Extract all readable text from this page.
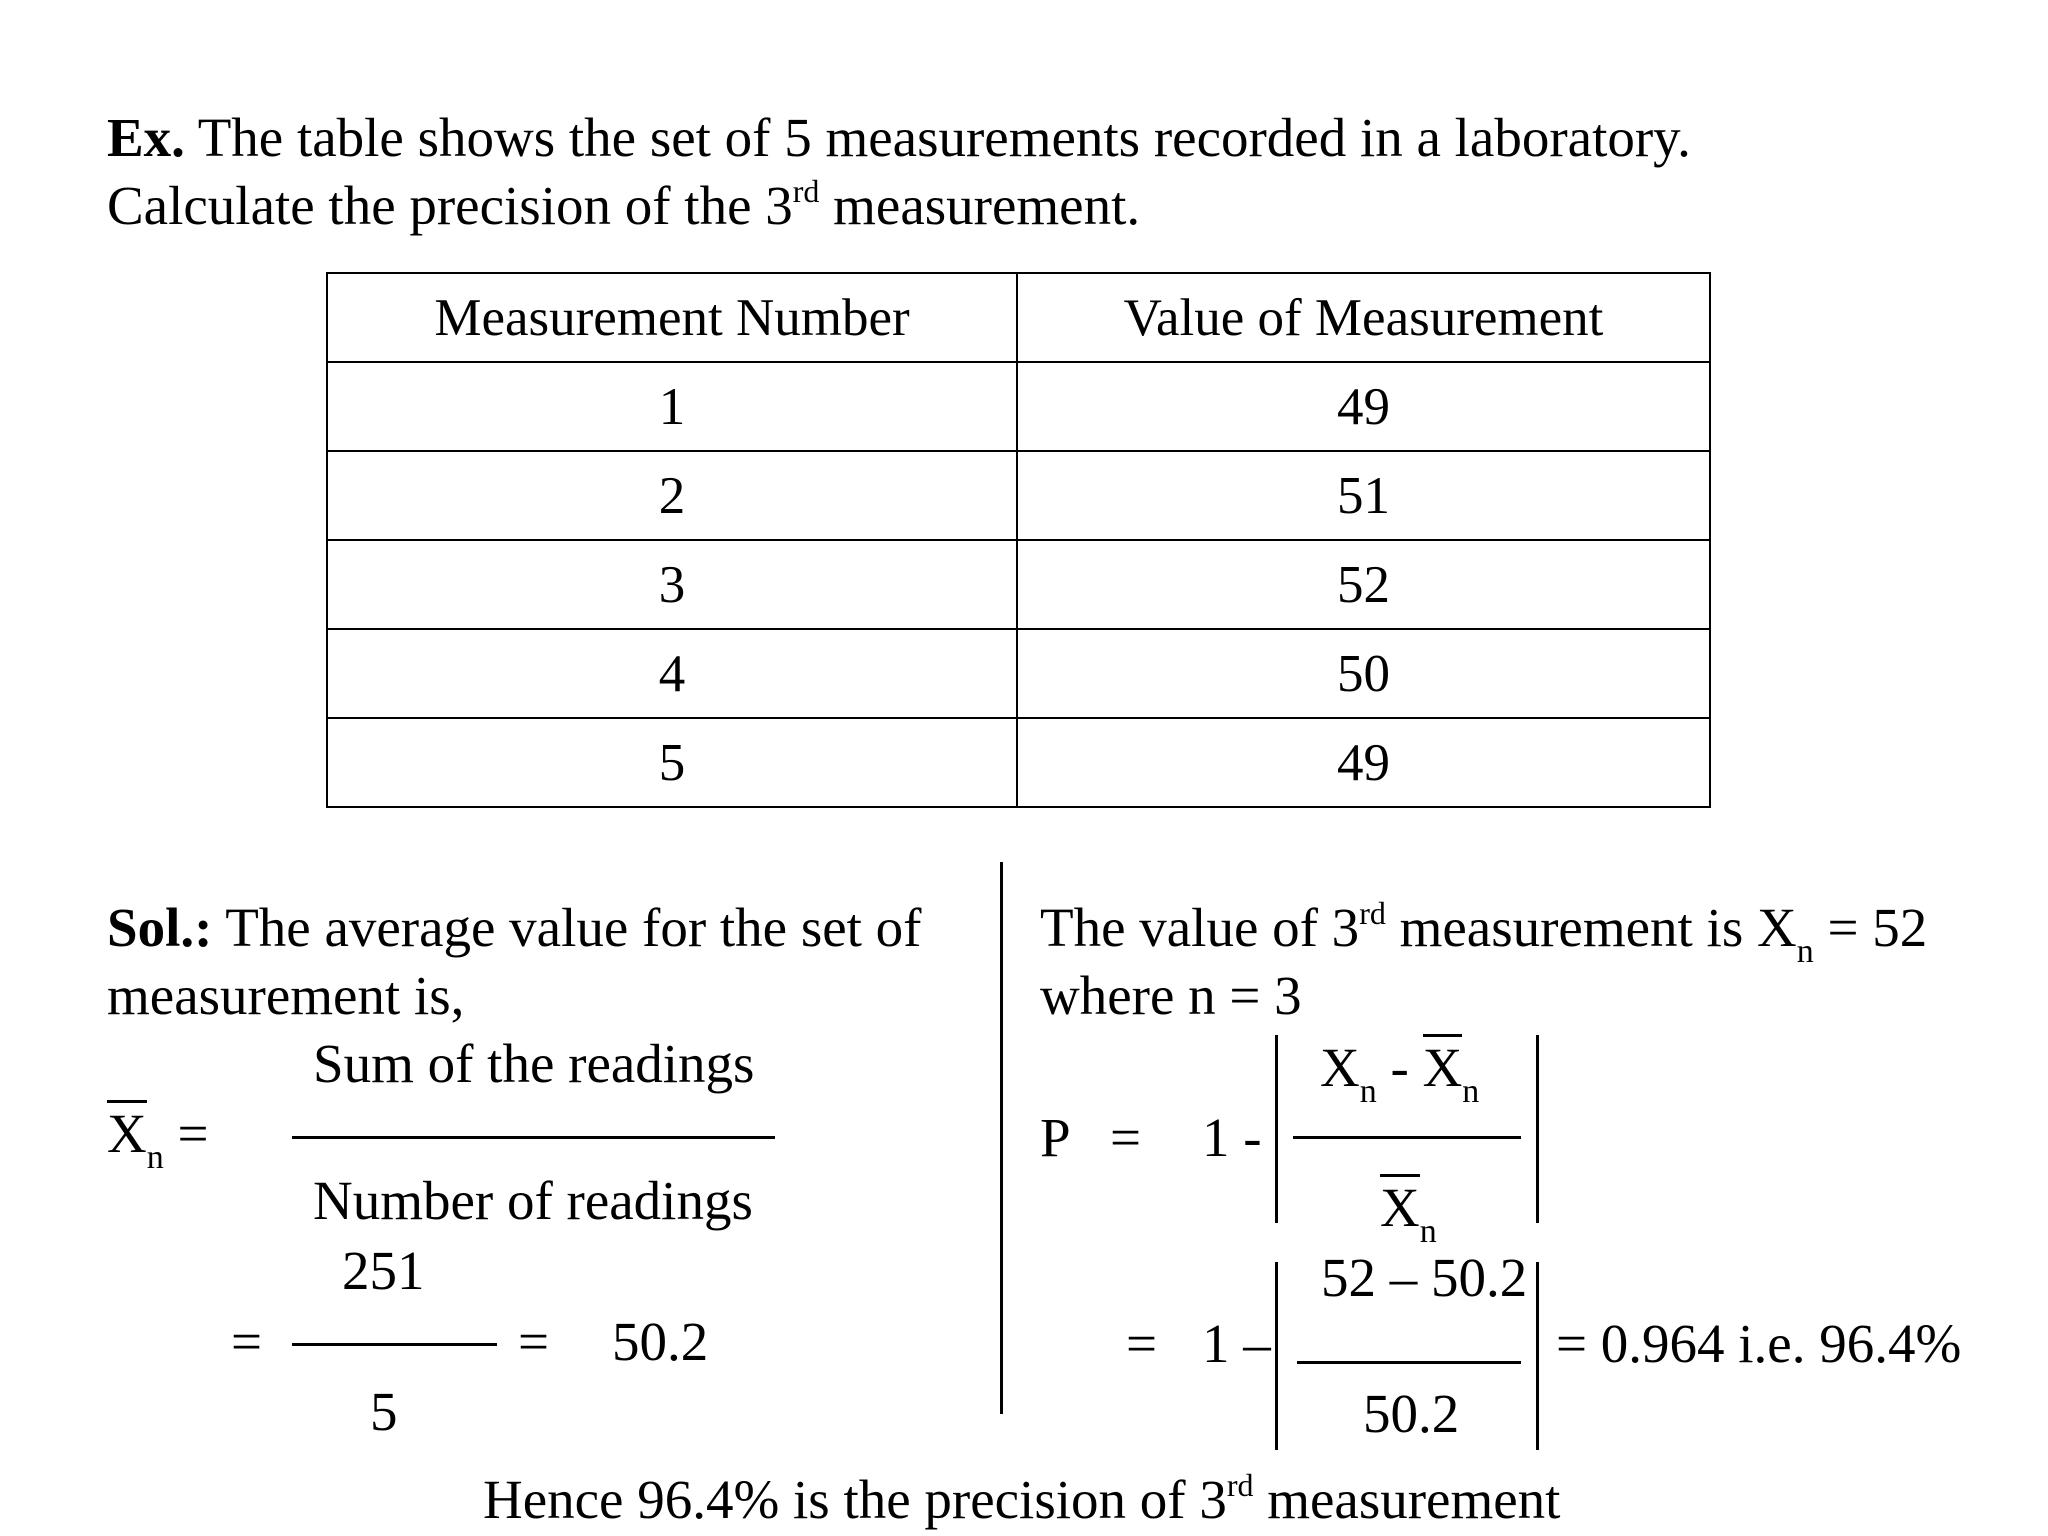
Ex. The table shows the set of 5 measurements recorded in a laboratory.
Calculate the precision of the 3rd measurement.
Measurement Number	Value of Measurement
1	49
2	51
3	52
4	50
5	49
Sol.: The average value for the set of
measurement is,
Sum of the readings
Number of readings
$X_n$ =
251
=	= 50.2
5
The value of 3rd measurement is $X_n = 52$
where n = 3
P = 1 -
$X_n - X_n$
$X_n$
52 – 50.2
= 1 –
50.2
= 0.964 i.e. 96.4%
Hence 96.4% is the precision of 3rd measurement
